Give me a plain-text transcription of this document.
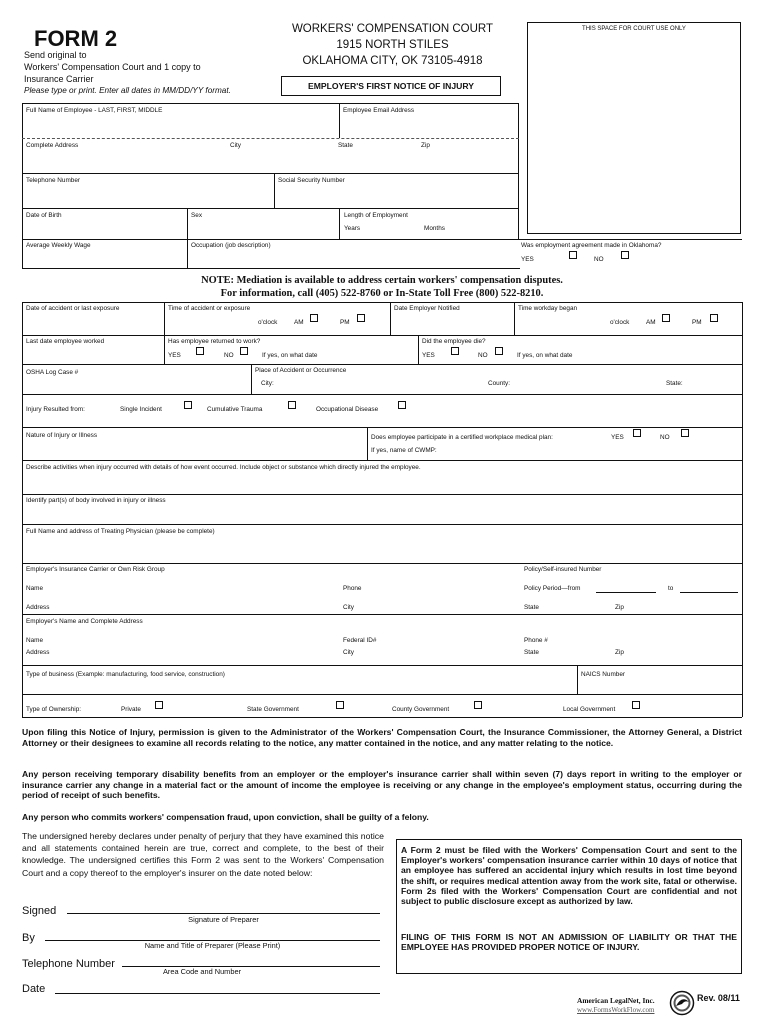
FORM 2
Send original to
Workers' Compensation Court and 1 copy to
Insurance Carrier
Please type or print. Enter all dates in MM/DD/YY format.
WORKERS' COMPENSATION COURT
1915 NORTH STILES
OKLAHOMA CITY, OK 73105-4918
EMPLOYER'S FIRST NOTICE OF INJURY
THIS SPACE FOR COURT USE ONLY
Full Name of Employee - LAST, FIRST, MIDDLE	Employee Email Address
Complete Address	City	State	Zip
Telephone Number	Social Security Number
Date of Birth	Sex	Length of Employment
Years	Months
Average Weekly Wage	Occupation (job description)	Was employment agreement made in Oklahoma?
YES	NO
NOTE: Mediation is available to address certain workers' compensation disputes.
For information, call (405) 522-8760 or In-State Toll Free (800) 522-8210.
Date of accident or last exposure	Time of accident or exposure
o'clock	AM	PM
Date Employer Notified	Time workday began
o'clock	AM	PM
Last date employee worked	Has employee returned to work?
YES	NO	If yes, on what date
Did the employee die?
YES	NO	If yes, on what date
OSHA Log Case #	Place of Accident or Occurrence
City:	County:	State:
Injury Resulted from:	Single Incident	Cumulative Trauma	Occupational Disease
Nature of Injury or Illness	Does employee participate in a certified workplace medical plan:	YES	NO
If yes, name of CWMP:
Describe activities when injury occurred with details of how event occurred. Include object or substance which directly injured the employee.
Identify part(s) of body involved in injury or illness
Full Name and address of Treating Physician (please be complete)
Employer's Insurance Carrier or Own Risk Group	Policy/Self-insured Number
Name	Phone	Policy Period—from	to
Address	City	State	Zip
Employer's Name and Complete Address
Name	Federal ID#	Phone #
Address	City	State	Zip
Type of business (Example: manufacturing, food service, construction)	NAICS Number
Type of Ownership:	Private	State Government	County Government	Local Government
Upon filing this Notice of Injury, permission is given to the Administrator of the Workers' Compensation Court, the Insurance Commissioner, the Attorney General, a District Attorney or their designees to examine all records relating to the notice, any matter contained in the notice, and any matter relating to the notice.
Any person receiving temporary disability benefits from an employer or the employer's insurance carrier shall within seven (7) days report in writing to the employer or insurance carrier any change in a material fact or the amount of income the employee is receiving or any change in the employee's employment status, occurring during the period of receipt of such benefits.
Any person who commits workers' compensation fraud, upon conviction, shall be guilty of a felony.
The undersigned hereby declares under penalty of perjury that they have examined this notice and all statements contained herein are true, correct and complete, to the best of their knowledge. The undersigned certifies this Form 2 was sent to the Workers' Compensation Court and a copy thereof to the employer's insurer on the date noted below:
A Form 2 must be filed with the Workers' Compensation Court and sent to the Employer's workers' compensation insurance carrier within 10 days of notice that an employee has suffered an accidental injury which results in lost time beyond the shift, or requires medical attention away from the work site, fatal or otherwise. Form 2s filed with the Workers' Compensation Court are confidential and not subject to public disclosure except as authorized by law.
FILING OF THIS FORM IS NOT AN ADMISSION OF LIABILITY OR THAT THE EMPLOYEE HAS PROVIDED PROPER NOTICE OF INJURY.
Signed
Signature of Preparer
By
Name and Title of Preparer (Please Print)
Telephone Number
Area Code and Number
Date
American LegalNet, Inc.
www.FormsWorkFlow.com
Rev. 08/11
